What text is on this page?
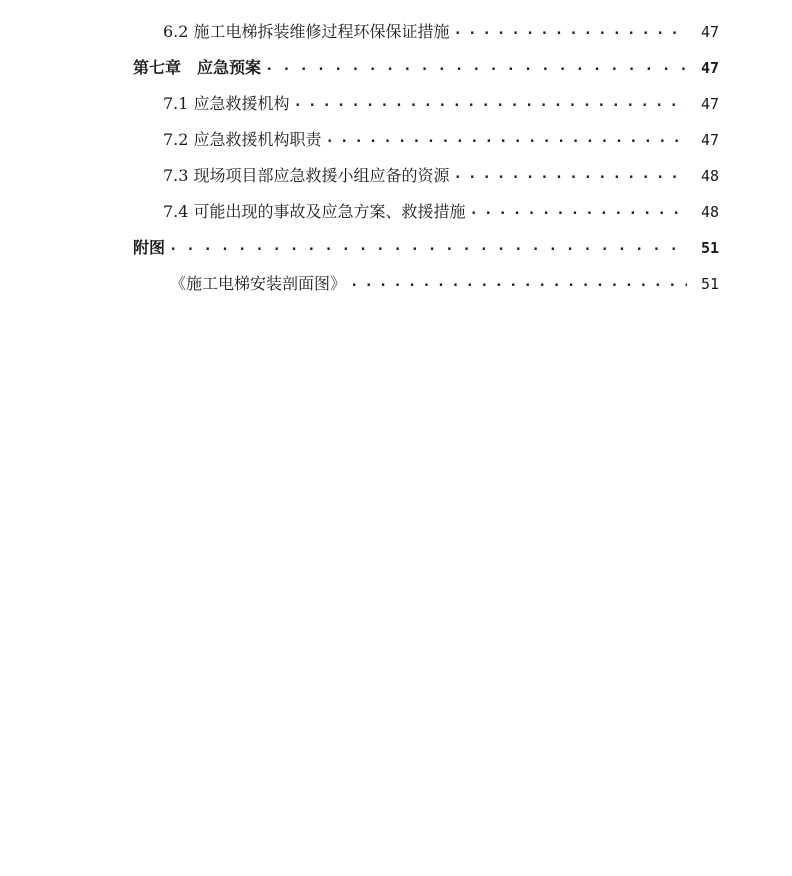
6.2 施工电梯拆装维修过程环保保证措施 . . .	47
第七章　应急预案 . . .	47
7.1 应急救援机构 . . .	47
7.2 应急救援机构职责 . . .	47
7.3 现场项目部应急救援小组应备的资源 . . .	48
7.4 可能出现的事故及应急方案、救援措施 . . .	48
附图 . . .	51
《施工电梯安装剖面图》 . . .	51
